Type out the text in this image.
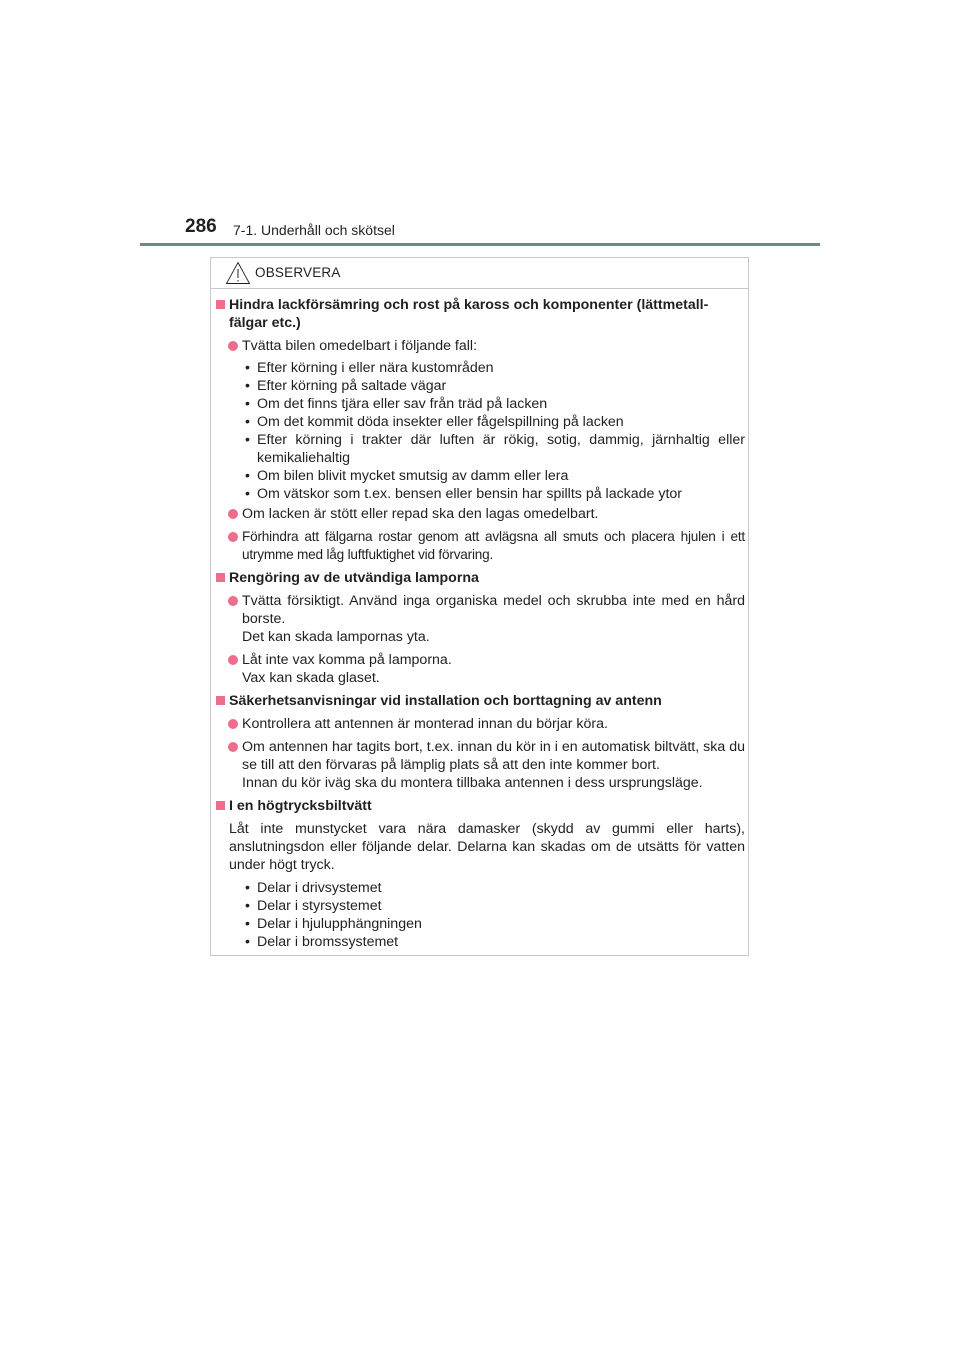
286 7-1. Underhåll och skötsel
OBSERVERA
Hindra lackförsämring och rost på kaross och komponenter (lättmetall-fälgar etc.)
Tvätta bilen omedelbart i följande fall:
• Efter körning i eller nära kustområden
• Efter körning på saltade vägar
• Om det finns tjära eller sav från träd på lacken
• Om det kommit döda insekter eller fågelspillning på lacken
• Efter körning i trakter där luften är rökig, sotig, dammig, järnhaltig eller kemikaliehaltig
• Om bilen blivit mycket smutsig av damm eller lera
• Om vätskor som t.ex. bensen eller bensin har spillts på lackade ytor
Om lacken är stött eller repad ska den lagas omedelbart.
Förhindra att fälgarna rostar genom att avlägsna all smuts och placera hjulen i ett utrymme med låg luftfuktighet vid förvaring.
Rengöring av de utvändiga lamporna
Tvätta försiktigt. Använd inga organiska medel och skrubba inte med en hård borste.
Det kan skada lampornas yta.
Låt inte vax komma på lamporna.
Vax kan skada glaset.
Säkerhetsanvisningar vid installation och borttagning av antenn
Kontrollera att antennen är monterad innan du börjar köra.
Om antennen har tagits bort, t.ex. innan du kör in i en automatisk biltvätt, ska du se till att den förvaras på lämplig plats så att den inte kommer bort.
Innan du kör iväg ska du montera tillbaka antennen i dess ursprungsläge.
I en högtrycksbiltvätt
Låt inte munstycket vara nära damasker (skydd av gummi eller harts), anslutningsdon eller följande delar. Delarna kan skadas om de utsätts för vatten under högt tryck.
• Delar i drivsystemet
• Delar i styrsystemet
• Delar i hjulupphängningen
• Delar i bromssystemet
